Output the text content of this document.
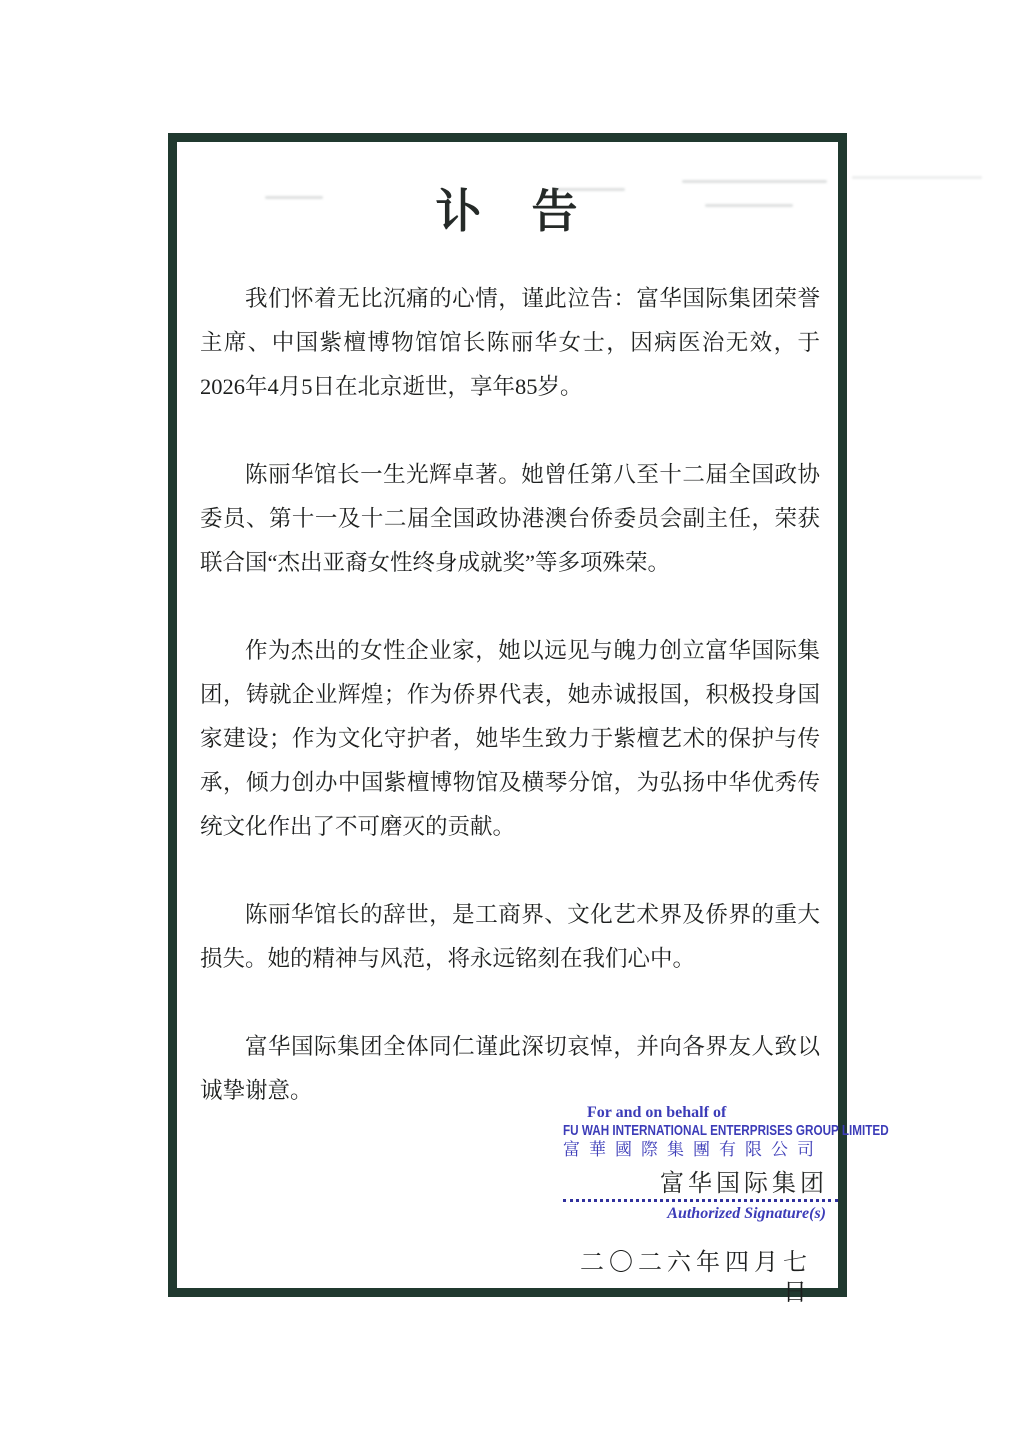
讣　告

我们怀着无比沉痛的心情，谨此泣告：富华国际集团荣誉主席、中国紫檀博物馆馆长陈丽华女士，因病医治无效，于2026年4月5日在北京逝世，享年85岁。

陈丽华馆长一生光辉卓著。她曾任第八至十二届全国政协委员、第十一及十二届全国政协港澳台侨委员会副主任，荣获联合国“杰出亚裔女性终身成就奖”等多项殊荣。

作为杰出的女性企业家，她以远见与魄力创立富华国际集团，铸就企业辉煌；作为侨界代表，她赤诚报国，积极投身国家建设；作为文化守护者，她毕生致力于紫檀艺术的保护与传承，倾力创办中国紫檀博物馆及横琴分馆，为弘扬中华优秀传统文化作出了不可磨灭的贡献。

陈丽华馆长的辞世，是工商界、文化艺术界及侨界的重大损失。她的精神与风范，将永远铭刻在我们心中。

富华国际集团全体同仁谨此深切哀悼，并向各界友人致以诚挚谢意。

For and on behalf of
FU WAH INTERNATIONAL ENTERPRISES GROUP LIMITED
富華國際集團有限公司
富华国际集团
Authorized Signature(s)
二〇二六年四月七日
